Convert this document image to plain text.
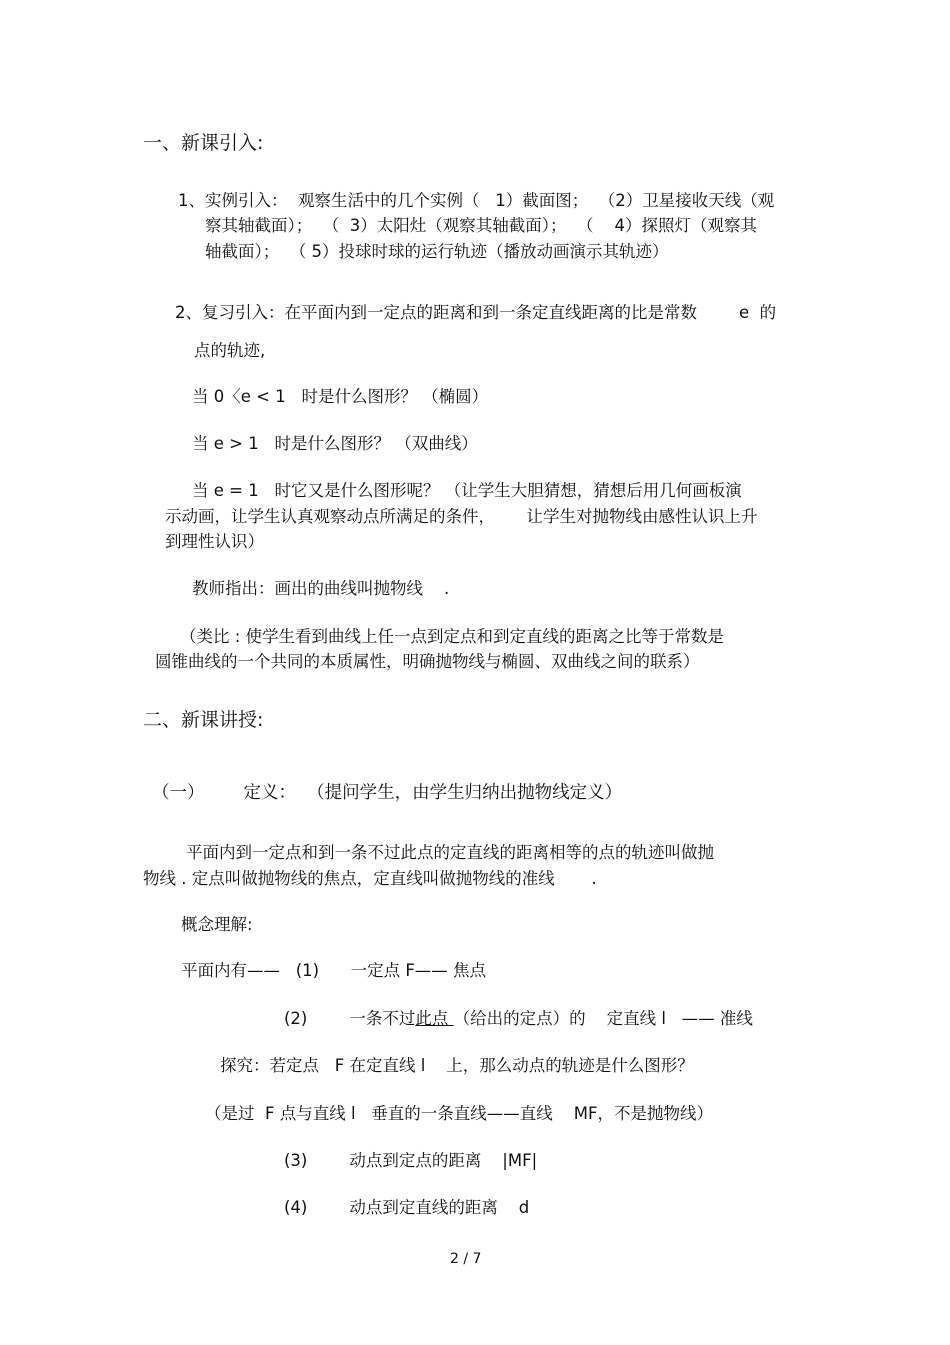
一、新课引入:
1、实例引入：  观察生活中的几个实例（   1）截面图；  （2）卫星接收天线（观
察其轴截面）；  （  3）太阳灶（观察其轴截面）；  （    4）探照灯（观察其
轴截面）；  （ 5）投球时球的运行轨迹（播放动画演示其轨迹）
2、复习引入：在平面内到一定点的距离和到一条定直线距离的比是常数        e  的
点的轨迹,
当 0〈e < 1   时是什么图形？ （椭圆）
当 e > 1   时是什么图形？ （双曲线）
当 e = 1   时它又是什么图形呢？ （让学生大胆猜想，猜想后用几何画板演
示动画，让学生认真观察动点所满足的条件，      让学生对抛物线由感性认识上升
到理性认识）
教师指出：画出的曲线叫抛物线    .
（类比 : 使学生看到曲线上任一点到定点和到定直线的距离之比等于常数是
圆锥曲线的一个共同的本质属性，明确抛物线与椭圆、双曲线之间的联系）
二、新课讲授:
（一）       定义：  （提问学生，由学生归纳出抛物线定义）
平面内到一定点和到一条不过此点的定直线的距离相等的点的轨迹叫做抛
物线 . 定点叫做抛物线的焦点，定直线叫做抛物线的准线       .
概念理解:
平面内有——   (1)      一定点 F—— 焦点
(2)        一条不过此点 （给出的定点）的    定直线 l   —— 准线
探究：若定点   F 在定直线 l    上，那么动点的轨迹是什么图形？
（是过  F 点与直线 l   垂直的一条直线——直线    MF，不是抛物线）
(3)        动点到定点的距离    |MF|
(4)        动点到定直线的距离    d
2 / 7
